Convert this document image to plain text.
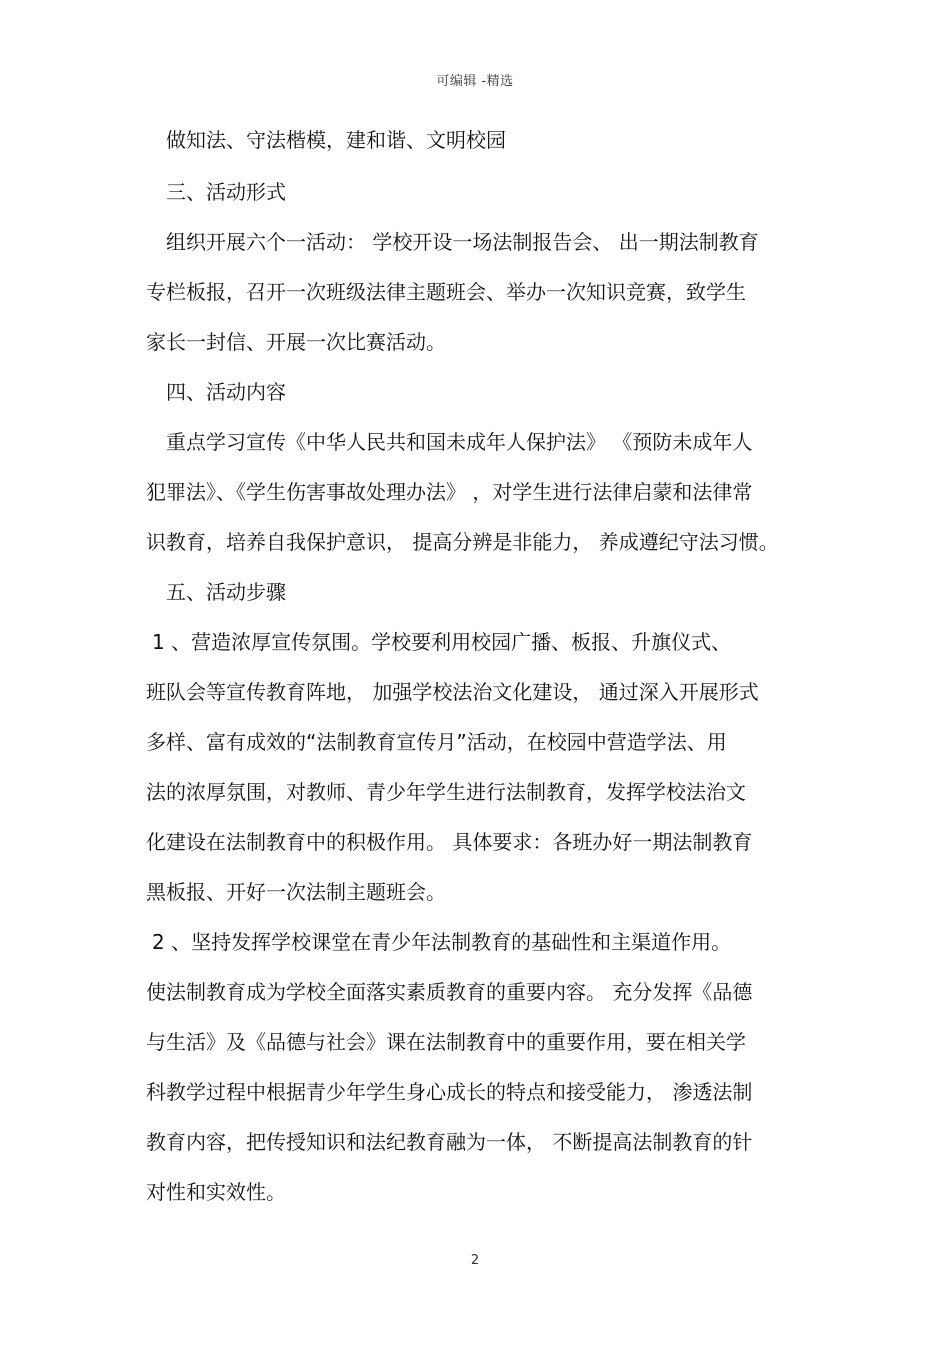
可编辑 -精选
做知法、守法楷模，建和谐、文明校园
三、活动形式
组织开展六个一活动： 学校开设一场法制报告会、 出一期法制教育
专栏板报，召开一次班级法律主题班会、举办一次知识竞赛，致学生
家长一封信、开展一次比赛活动。
四、活动内容
重点学习宣传《中华人民共和国未成年人保护法》 《预防未成年人
犯罪法》、《学生伤害事故处理办法》 ，对学生进行法律启蒙和法律常
识教育，培养自我保护意识， 提高分辨是非能力， 养成遵纪守法习惯。
五、活动步骤
1 、营造浓厚宣传氛围。学校要利用校园广播、板报、升旗仪式、
班队会等宣传教育阵地， 加强学校法治文化建设， 通过深入开展形式
多样、富有成效的“法制教育宣传月”活动，在校园中营造学法、用
法的浓厚氛围，对教师、青少年学生进行法制教育，发挥学校法治文
化建设在法制教育中的积极作用。 具体要求：各班办好一期法制教育
黑板报、开好一次法制主题班会。
2 、坚持发挥学校课堂在青少年法制教育的基础性和主渠道作用。
使法制教育成为学校全面落实素质教育的重要内容。 充分发挥《品德
与生活》及《品德与社会》课在法制教育中的重要作用，要在相关学
科教学过程中根据青少年学生身心成长的特点和接受能力， 渗透法制
教育内容，把传授知识和法纪教育融为一体， 不断提高法制教育的针
对性和实效性。
2
